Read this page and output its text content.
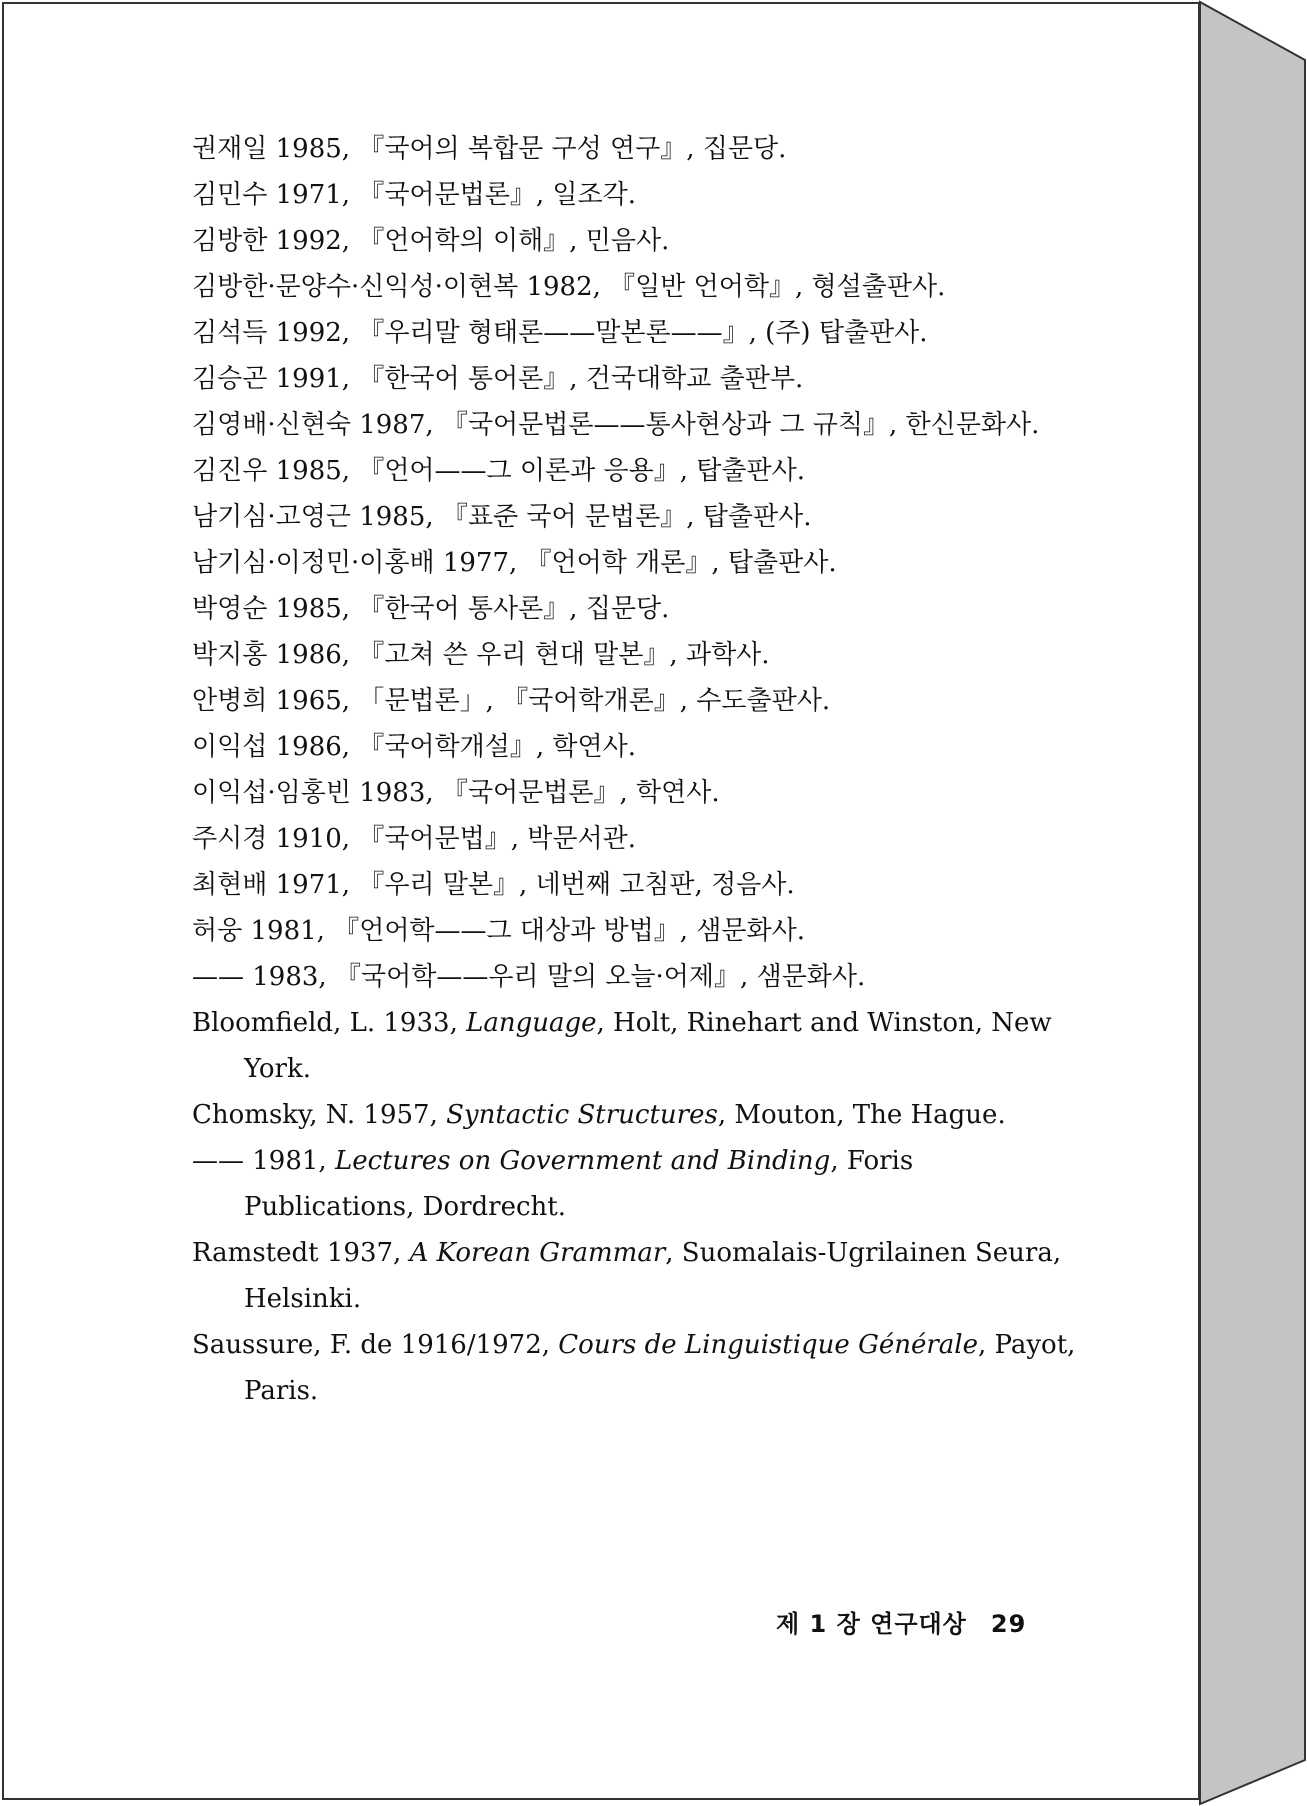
권재일 1985, 『국어의 복합문 구성 연구』, 집문당.

김민수 1971, 『국어문법론』, 일조각.

김방한 1992, 『언어학의 이해』, 민음사.

김방한·문양수·신익성·이현복 1982, 『일반 언어학』, 형설출판사.

김석득 1992, 『우리말 형태론——말본론——』, (주) 탑출판사.

김승곤 1991, 『한국어 통어론』, 건국대학교 출판부.

김영배·신현숙 1987, 『국어문법론——통사현상과 그 규칙』, 한신문화사.

김진우 1985, 『언어——그 이론과 응용』, 탑출판사.

남기심·고영근 1985, 『표준 국어 문법론』, 탑출판사.

남기심·이정민·이홍배 1977, 『언어학 개론』, 탑출판사.

박영순 1985, 『한국어 통사론』, 집문당.

박지홍 1986, 『고쳐 쓴 우리 현대 말본』, 과학사.

안병희 1965, 「문법론」, 『국어학개론』, 수도출판사.

이익섭 1986, 『국어학개설』, 학연사.

이익섭·임홍빈 1983, 『국어문법론』, 학연사.

주시경 1910, 『국어문법』, 박문서관.

최현배 1971, 『우리 말본』, 네번째 고침판, 정음사.

허웅 1981, 『언어학——그 대상과 방법』, 샘문화사.

—— 1983, 『국어학——우리 말의 오늘·어제』, 샘문화사.

Bloomfield, L. 1933, Language, Holt, Rinehart and Winston, New York.

Chomsky, N. 1957, Syntactic Structures, Mouton, The Hague.

—— 1981, Lectures on Government and Binding, Foris Publications, Dordrecht.

Ramstedt 1937, A Korean Grammar, Suomalais-Ugrilainen Seura, Helsinki.

Saussure, F. de 1916/1972, Cours de Linguistique Générale, Payot, Paris.

제 1 장 연구대상 29
